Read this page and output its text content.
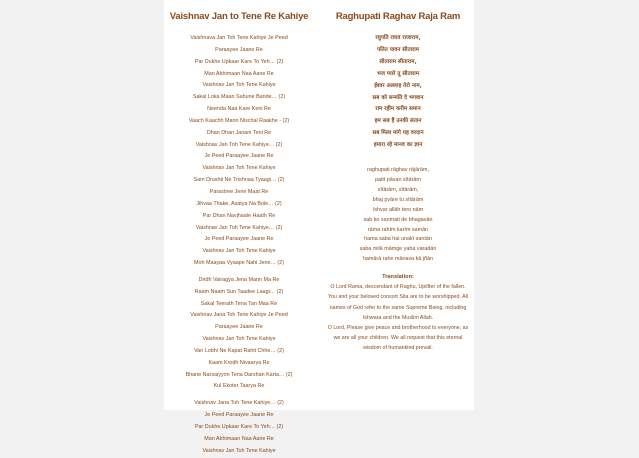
Vaishnav Jan to Tene Re Kahiye
Vaishnava Jan Toh Tene Kahiye Je Peed
Paraayee Jaane Re
Par Dukhe Upkaar Kare To Yeh… (2)
Man Abhimaan Naa Aane Re
Vaishnav Jan Toh Tene Kahiye
Sakal Loka Maan Sahune Bande… (2)
Neenda Naa Kare Keni Re
Vaach Kaachh Mann Nischal Raakhe - (2)
Dhan Dhan Janani Teni Re
Vaishnav Jan Toh Tene Kahiye… (2)
Je Peed Paraayee Jaane Re
Vaishnav Jan Toh Tene Kahiye
Sam Drushti Ne Trishnaa Tyaagi… (2)
Parastree Jene Maat Re
Jihvaa Thake, Asatya Na Bole… (2)
Par Dhan Navjhaale Haath Re
Vaishnav Jan Toh Tene Kahiye… (2)
Je Peed Paraayee Jaane Re
Vaishnav Jan Toh Tene Kahiye
Moh Maayaa Vyaape Nahi Jene… (2)
Dridh Vairagya Jena Mann Ma Re
Raam Naam Sun Taadee Laagi… (2)
Sakal Teerath Tena Tan Maa Re
Vaishnav Jana Toh Tene Kahiye Je Peed
Paraayee Jaane Re
Vaishnav Jan Toh Tene Kahiye
Van Lobhi Ne Kapat Rahit Chhe… (2)
Kaam Krodh Nivaarya Re
Bhane Narsaiyyon Tena Darshan Karta… (2)
Kul Ekoter Taarya Re
Vaishnav Jana Toh Tene Kahiye… (2)
Je Peed Paraayee Jaane Re
Par Dukhe Upkaar Kare To Yeh… (2)
Man Abhimaan Naa Aane Re
Vaishnav Jan Toh Tene Kahiye
Raghupati Raghav Raja Ram
रघुपति राघव राजाराम,
पतित पावन सीताराम
सीताराम सीताराम,
भज प्यारे तू सीताराम
ईश्वर अल्लाह तेरो नाम,
सब को सन्मति दे भगवान
राम रहीम करीम समान
हम सब है उनकी संतान
सब मिला मांगे यह वरदान
हमारा रहे मानव का ज्ञान
raghupati rāghav rājārām,
patit pāvan sītārām
sītārām, sītārām,
bhaj pyāre tu sītārām
īshvar allāh tero nām
sab ko sanmati de bhagavān
rāma rahīm karīm samān
hama saba hai unakī santān
saba milā māṃge yaha varadān
hamārā rahe mānava kā jñān
Translation:

O Lord Rama, descendant of Raghu, Uplifter of the fallen. You and your beloved consort Sita are to be worshipped. All names of God refer to the same Supreme Being, including Ishwara and the Muslim Allah.

O Lord, Please give peace and brotherhood to everyone, as we are all your children. We all request that this eternal wisdom of humankind prevail.
